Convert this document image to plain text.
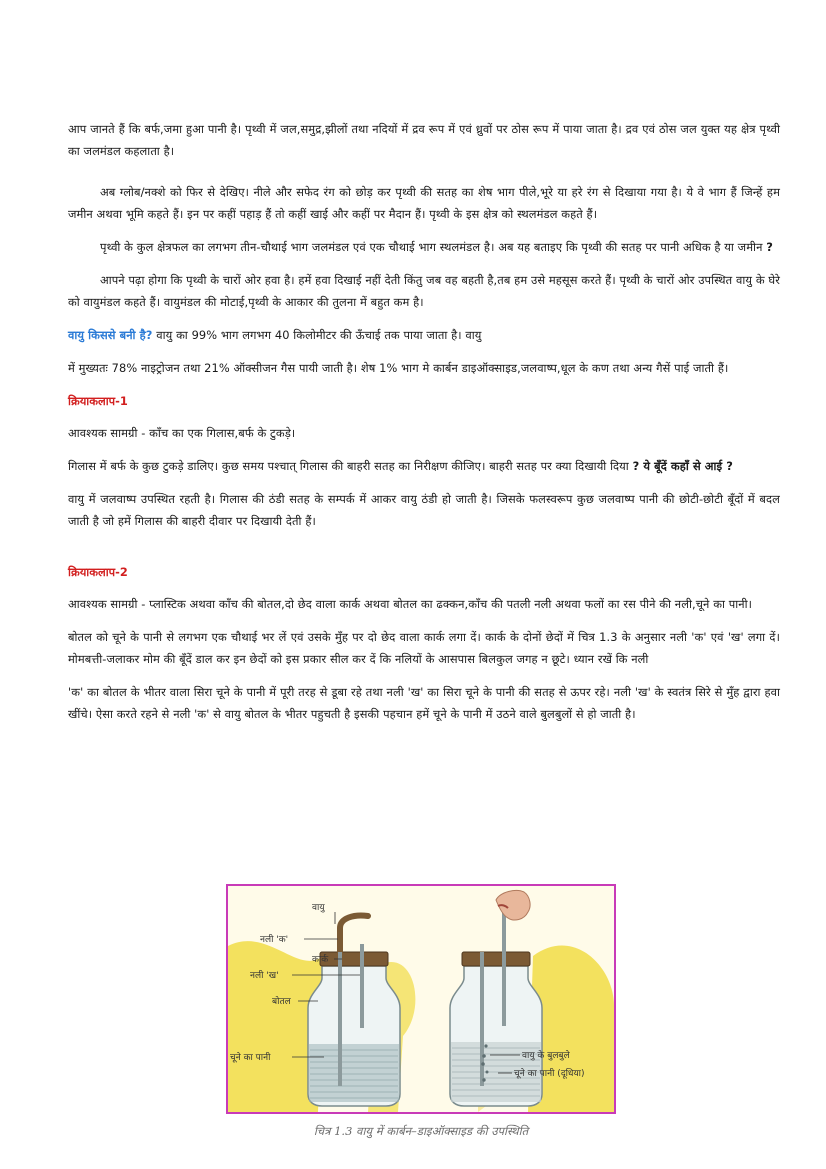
आप जानते हैं कि बर्फ,जमा हुआ पानी है। पृथ्वी में जल,समुद्र,झीलों तथा नदियों में द्रव रूप में एवं ध्रुवों पर ठोस रूप में पाया जाता है। द्रव एवं ठोस जल युक्त यह क्षेत्र पृथ्वी का जलमंडल कहलाता है।

अब ग्लोब/नक्शे को फिर से देखिए। नीले और सफेद रंग को छोड़ कर पृथ्वी की सतह का शेष भाग पीले,भूरे या हरे रंग से दिखाया गया है। ये वे भाग हैं जिन्हें हम जमीन अथवा भूमि कहते हैं। इन पर कहीं पहाड़ हैं तो कहीं खाई और कहीं पर मैदान हैं। पृथ्वी के इस क्षेत्र को स्थलमंडल कहते हैं।

पृथ्वी के कुल क्षेत्रफल का लगभग तीन-चौथाई भाग जलमंडल एवं एक चौथाई भाग स्थलमंडल है। अब यह बताइए कि पृथ्वी की सतह पर पानी अधिक है या जमीन ?

आपने पढ़ा होगा कि पृथ्वी के चारों ओर हवा है। हमें हवा दिखाई नहीं देती किंतु जब वह बहती है,तब हम उसे महसूस करते हैं। पृथ्वी के चारों ओर उपस्थित वायु के घेरे को वायुमंडल कहते हैं। वायुमंडल की मोटाई,पृथ्वी के आकार की तुलना में बहुत कम है।

वायु किससे बनी है? वायु का 99% भाग लगभग 40 किलोमीटर की ऊँचाई तक पाया जाता है। वायु

में मुख्यतः 78% नाइट्रोजन तथा 21% ऑक्सीजन गैस पायी जाती है। शेष 1% भाग मे कार्बन डाइऑक्साइड,जलवाष्प,धूल के कण तथा अन्य गैसें पाई जाती हैं।

क्रियाकलाप-1

आवश्यक सामग्री - काँच का एक गिलास,बर्फ के टुकड़े।

गिलास में बर्फ के कुछ टुकड़े डालिए। कुछ समय पश्चात् गिलास की बाहरी सतह का निरीक्षण कीजिए। बाहरी सतह पर क्या दिखायी दिया ? ये बूँदें कहाँ से आई ?

वायु में जलवाष्प उपस्थित रहती है। गिलास की ठंडी सतह के सम्पर्क में आकर वायु ठंडी हो जाती है। जिसके फलस्वरूप कुछ जलवाष्प पानी की छोटी-छोटी बूँदों में बदल जाती है जो हमें गिलास की बाहरी दीवार पर दिखायी देती हैं।

क्रियाकलाप-2

आवश्यक सामग्री - प्लास्टिक अथवा काँच की बोतल,दो छेद वाला कार्क अथवा बोतल का ढक्कन,काँच की पतली नली अथवा फलों का रस पीने की नली,चूने का पानी।

बोतल को चूने के पानी से लगभग एक चौथाई भर लें एवं उसके मुँह पर दो छेद वाला कार्क लगा दें। कार्क के दोनों छेदों में चित्र 1.3 के अनुसार नली 'क' एवं 'ख' लगा दें। मोमबत्ती-जलाकर मोम की बूँदें डाल कर इन छेदों को इस प्रकार सील कर दें कि नलियों के आसपास बिलकुल जगह न छूटे। ध्यान रखें कि नली

'क' का बोतल के भीतर वाला सिरा चूने के पानी में पूरी तरह से डूबा रहे तथा नली 'ख' का सिरा चूने के पानी की सतह से ऊपर रहे। नली 'ख' के स्वतंत्र सिरे से मुँह द्वारा हवा खींचे। ऐसा करते रहने से नली 'क' से वायु बोतल के भीतर पहुचती है इसकी पहचान हमें चूने के पानी में उठने वाले बुलबुलों से हो जाती है।

वायु
नली 'क'
कार्क
नली 'ख'
बोतल
चूने का पानी	वायु के बुलबुले
चूने का पानी (दूधिया)
चित्र 1.3 वायु में कार्बन–डाइऑक्साइड की उपस्थिति
